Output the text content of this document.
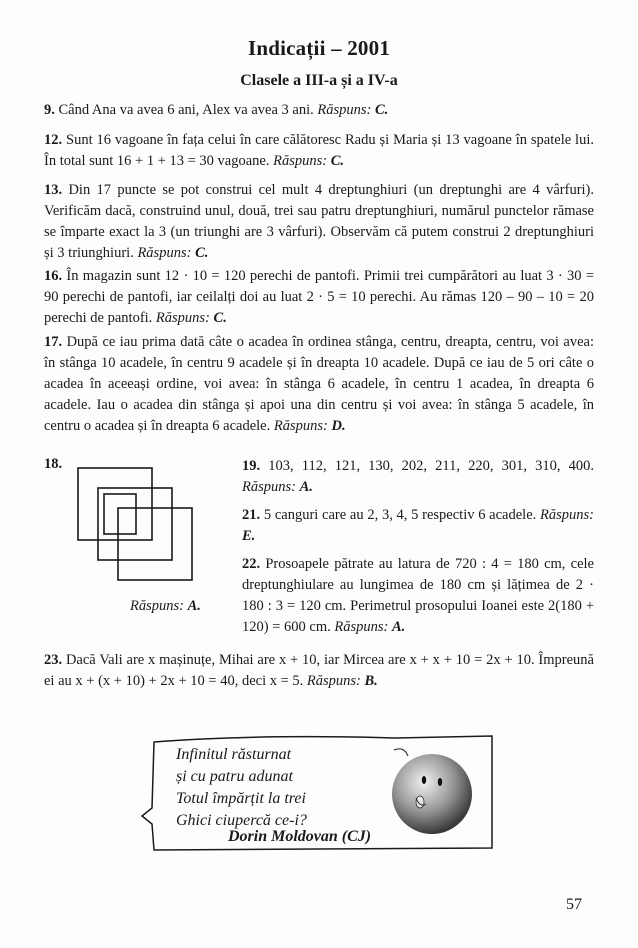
Indicații – 2001
Clasele a III-a și a IV-a

9. Când Ana va avea 6 ani, Alex va avea 3 ani. Răspuns: C.

12. Sunt 16 vagoane în fața celui în care călătoresc Radu și Maria și 13 vagoane în spatele lui. În total sunt 16 + 1 + 13 = 30 vagoane. Răspuns: C.

13. Din 17 puncte se pot construi cel mult 4 dreptunghiuri (un dreptunghi are 4 vârfuri). Verificăm dacă, construind unul, două, trei sau patru dreptunghiuri, numărul punctelor rămase se împarte exact la 3 (un triunghi are 3 vârfuri). Observăm că putem construi 2 dreptunghiuri și 3 triunghiuri. Răspuns: C.

16. În magazin sunt 12 · 10 = 120 perechi de pantofi. Primii trei cumpărători au luat 3 · 30 = 90 perechi de pantofi, iar ceilalți doi au luat 2 · 5 = 10 perechi. Au rămas 120 – 90 – 10 = 20 perechi de pantofi. Răspuns: C.

17. După ce iau prima dată câte o acadea în ordinea stânga, centru, dreapta, centru, voi avea: în stânga 10 acadele, în centru 9 acadele și în dreapta 10 acadele. După ce iau de 5 ori câte o acadea în aceeași ordine, voi avea: în stânga 6 acadele, în centru 1 acadea, în dreapta 6 acadele. Iau o acadea din stânga și apoi una din centru și voi avea: în stânga 5 acadele, în centru o acadea și în dreapta 6 acadele. Răspuns: D.

18.
Răspuns: A.

19. 103, 112, 121, 130, 202, 211, 220, 301, 310, 400. Răspuns: A.

21. 5 canguri care au 2, 3, 4, 5 respectiv 6 acadele. Răspuns: E.

22. Prosoapele pătrate au latura de 720 : 4 = 180 cm, cele dreptunghiulare au lungimea de 180 cm și lățimea de 2 · 180 : 3 = 120 cm. Perimetrul prosopului Ioanei este 2(180 + 120) = 600 cm. Răspuns: A.

23. Dacă Vali are x mașinuțe, Mihai are x + 10, iar Mircea are x + x + 10 = 2x + 10. Împreună ei au x + (x + 10) + 2x + 10 = 40, deci x = 5. Răspuns: B.

Infinitul răsturnat
și cu patru adunat
Totul împărțit la trei
Ghici ciupercă ce-i?
Dorin Moldovan (CJ)
57
